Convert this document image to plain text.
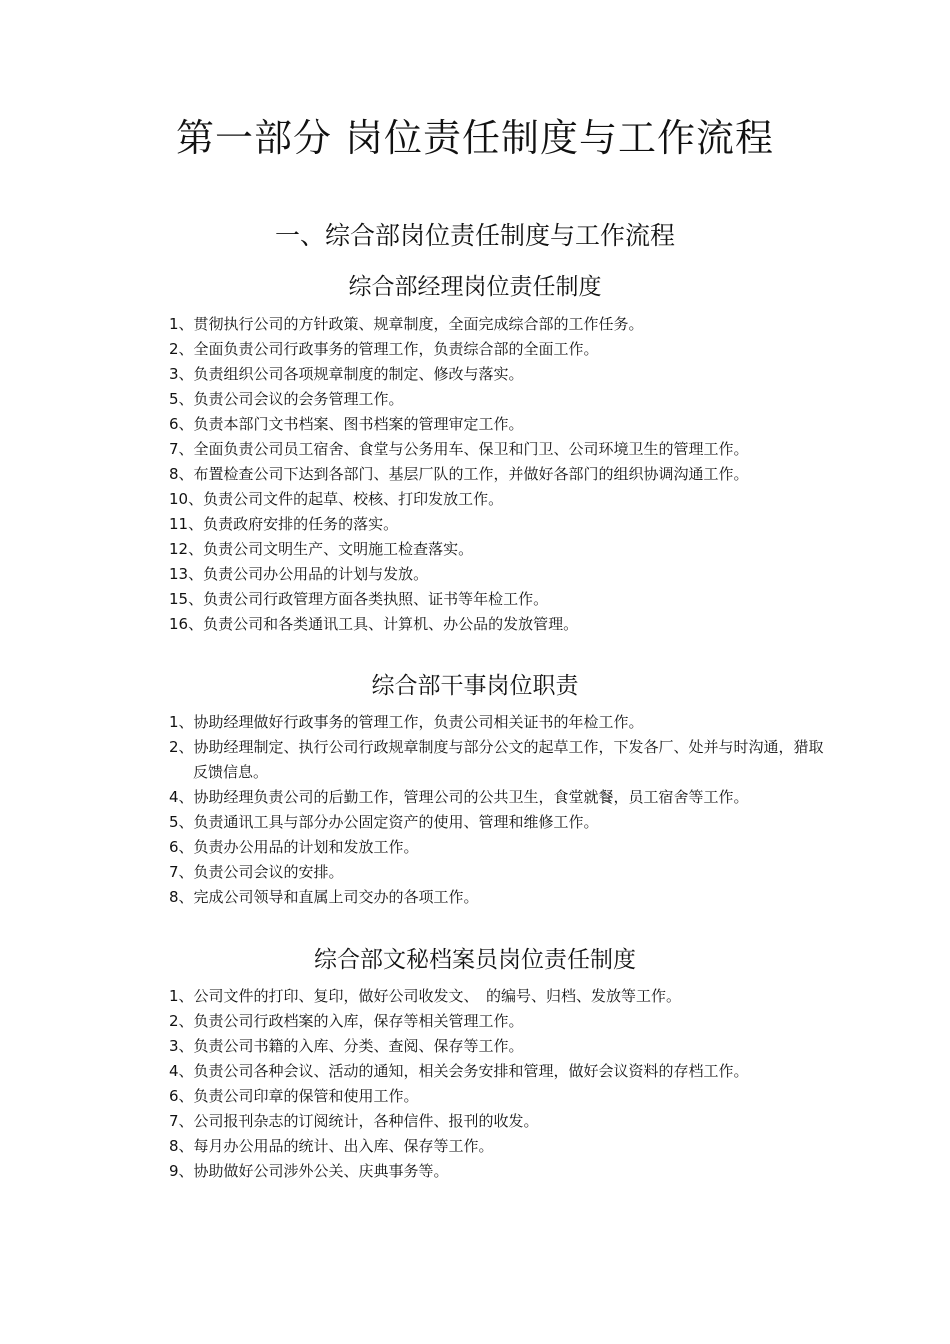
第一部分 岗位责任制度与工作流程
一、综合部岗位责任制度与工作流程
综合部经理岗位责任制度
1、贯彻执行公司的方针政策、规章制度，全面完成综合部的工作任务。
2、全面负责公司行政事务的管理工作，负责综合部的全面工作。
3、负责组织公司各项规章制度的制定、修改与落实。
5、负责公司会议的会务管理工作。
6、负责本部门文书档案、图书档案的管理审定工作。
7、全面负责公司员工宿舍、食堂与公务用车、保卫和门卫、公司环境卫生的管理工作。
8、布置检查公司下达到各部门、基层厂队的工作，并做好各部门的组织协调沟通工作。
10、负责公司文件的起草、校核、打印发放工作。
11、负责政府安排的任务的落实。
12、负责公司文明生产、文明施工检查落实。
13、负责公司办公用品的计划与发放。
15、负责公司行政管理方面各类执照、证书等年检工作。
16、负责公司和各类通讯工具、计算机、办公品的发放管理。
综合部干事岗位职责
1、协助经理做好行政事务的管理工作，负责公司相关证书的年检工作。
2、协助经理制定、执行公司行政规章制度与部分公文的起草工作，下发各厂、处并与时沟通，猎取反馈信息。
4、协助经理负责公司的后勤工作，管理公司的公共卫生，食堂就餐，员工宿舍等工作。
5、负责通讯工具与部分办公固定资产的使用、管理和维修工作。
6、负责办公用品的计划和发放工作。
7、负责公司会议的安排。
8、完成公司领导和直属上司交办的各项工作。
综合部文秘档案员岗位责任制度
1、公司文件的打印、复印，做好公司收发文、　的编号、归档、发放等工作。
2、负责公司行政档案的入库，保存等相关管理工作。
3、负责公司书籍的入库、分类、查阅、保存等工作。
4、负责公司各种会议、活动的通知，相关会务安排和管理，做好会议资料的存档工作。
6、负责公司印章的保管和使用工作。
7、公司报刊杂志的订阅统计，各种信件、报刊的收发。
8、每月办公用品的统计、出入库、保存等工作。
9、协助做好公司涉外公关、庆典事务等。
